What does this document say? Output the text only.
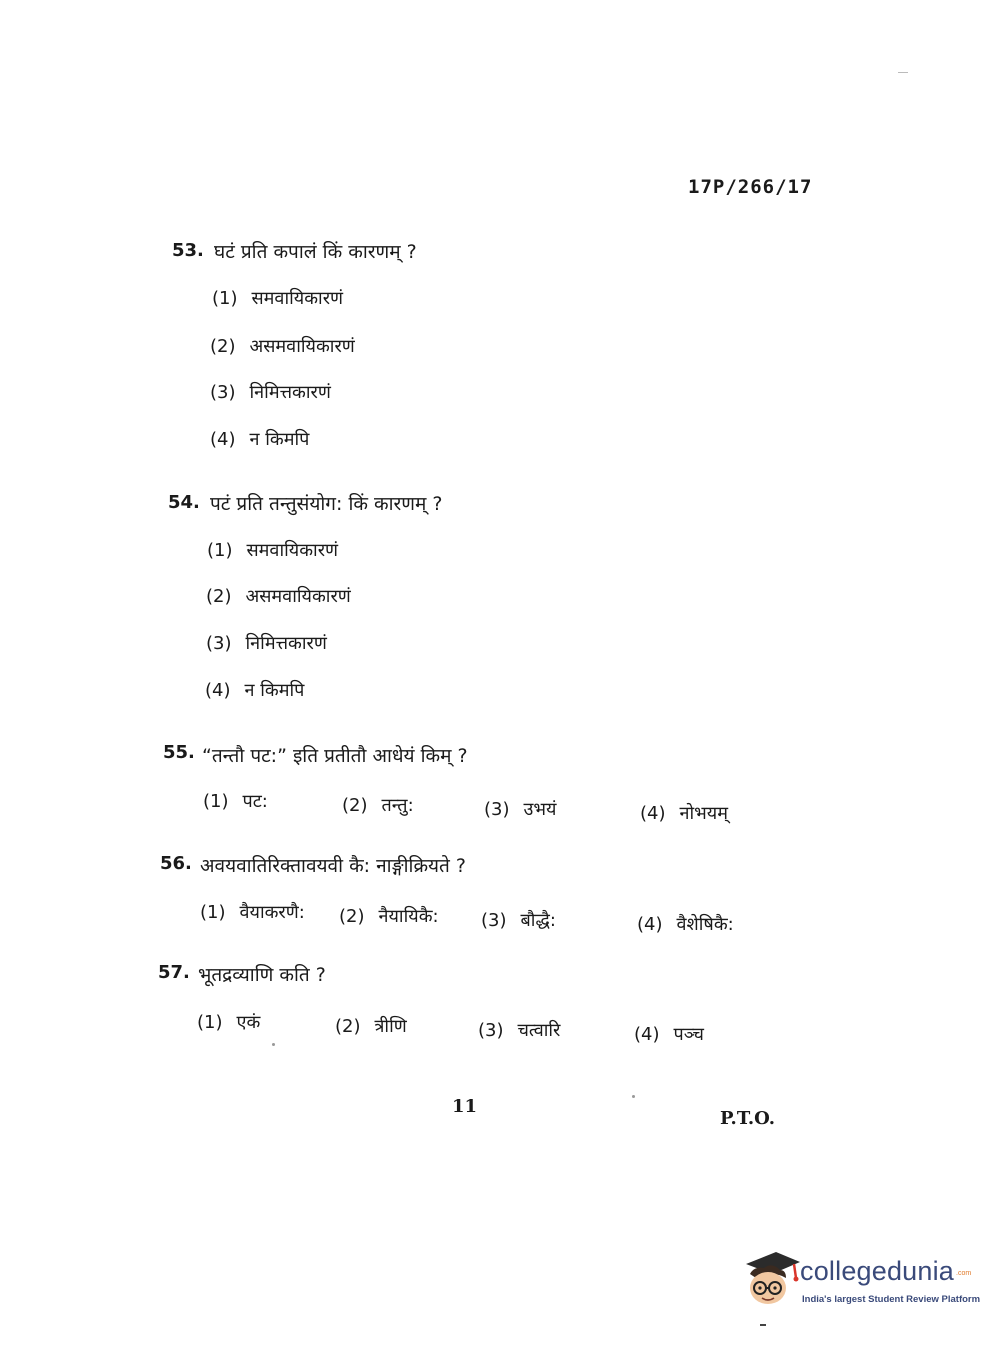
17P/266/17
53. घटं प्रति कपालं किं कारणम् ?
(1) समवायिकारणं
(2) असमवायिकारणं
(3) निमित्तकारणं
(4) न किमपि
54. पटं प्रति तन्तुसंयोग: किं कारणम् ?
(1) समवायिकारणं
(2) असमवायिकारणं
(3) निमित्तकारणं
(4) न किमपि
55. “तन्तौ पट:” इति प्रतीतौ आधेयं किम् ?
(1) पट:	(2) तन्तु:	(3) उभयं	(4) नोभयम्
56. अवयवातिरिक्तावयवी कै: नाङ्गीक्रियते ?
(1) वैयाकरणै: (2) नैयायिकै: (3) बौद्धै:	(4) वैशेषिकै:
57. भूतद्रव्याणि कति ?
(1) एकं	(2) त्रीणि	(3) चत्वारि	(4) पञ्च
11
P.T.O.
collegedunia .com
India's largest Student Review Platform
